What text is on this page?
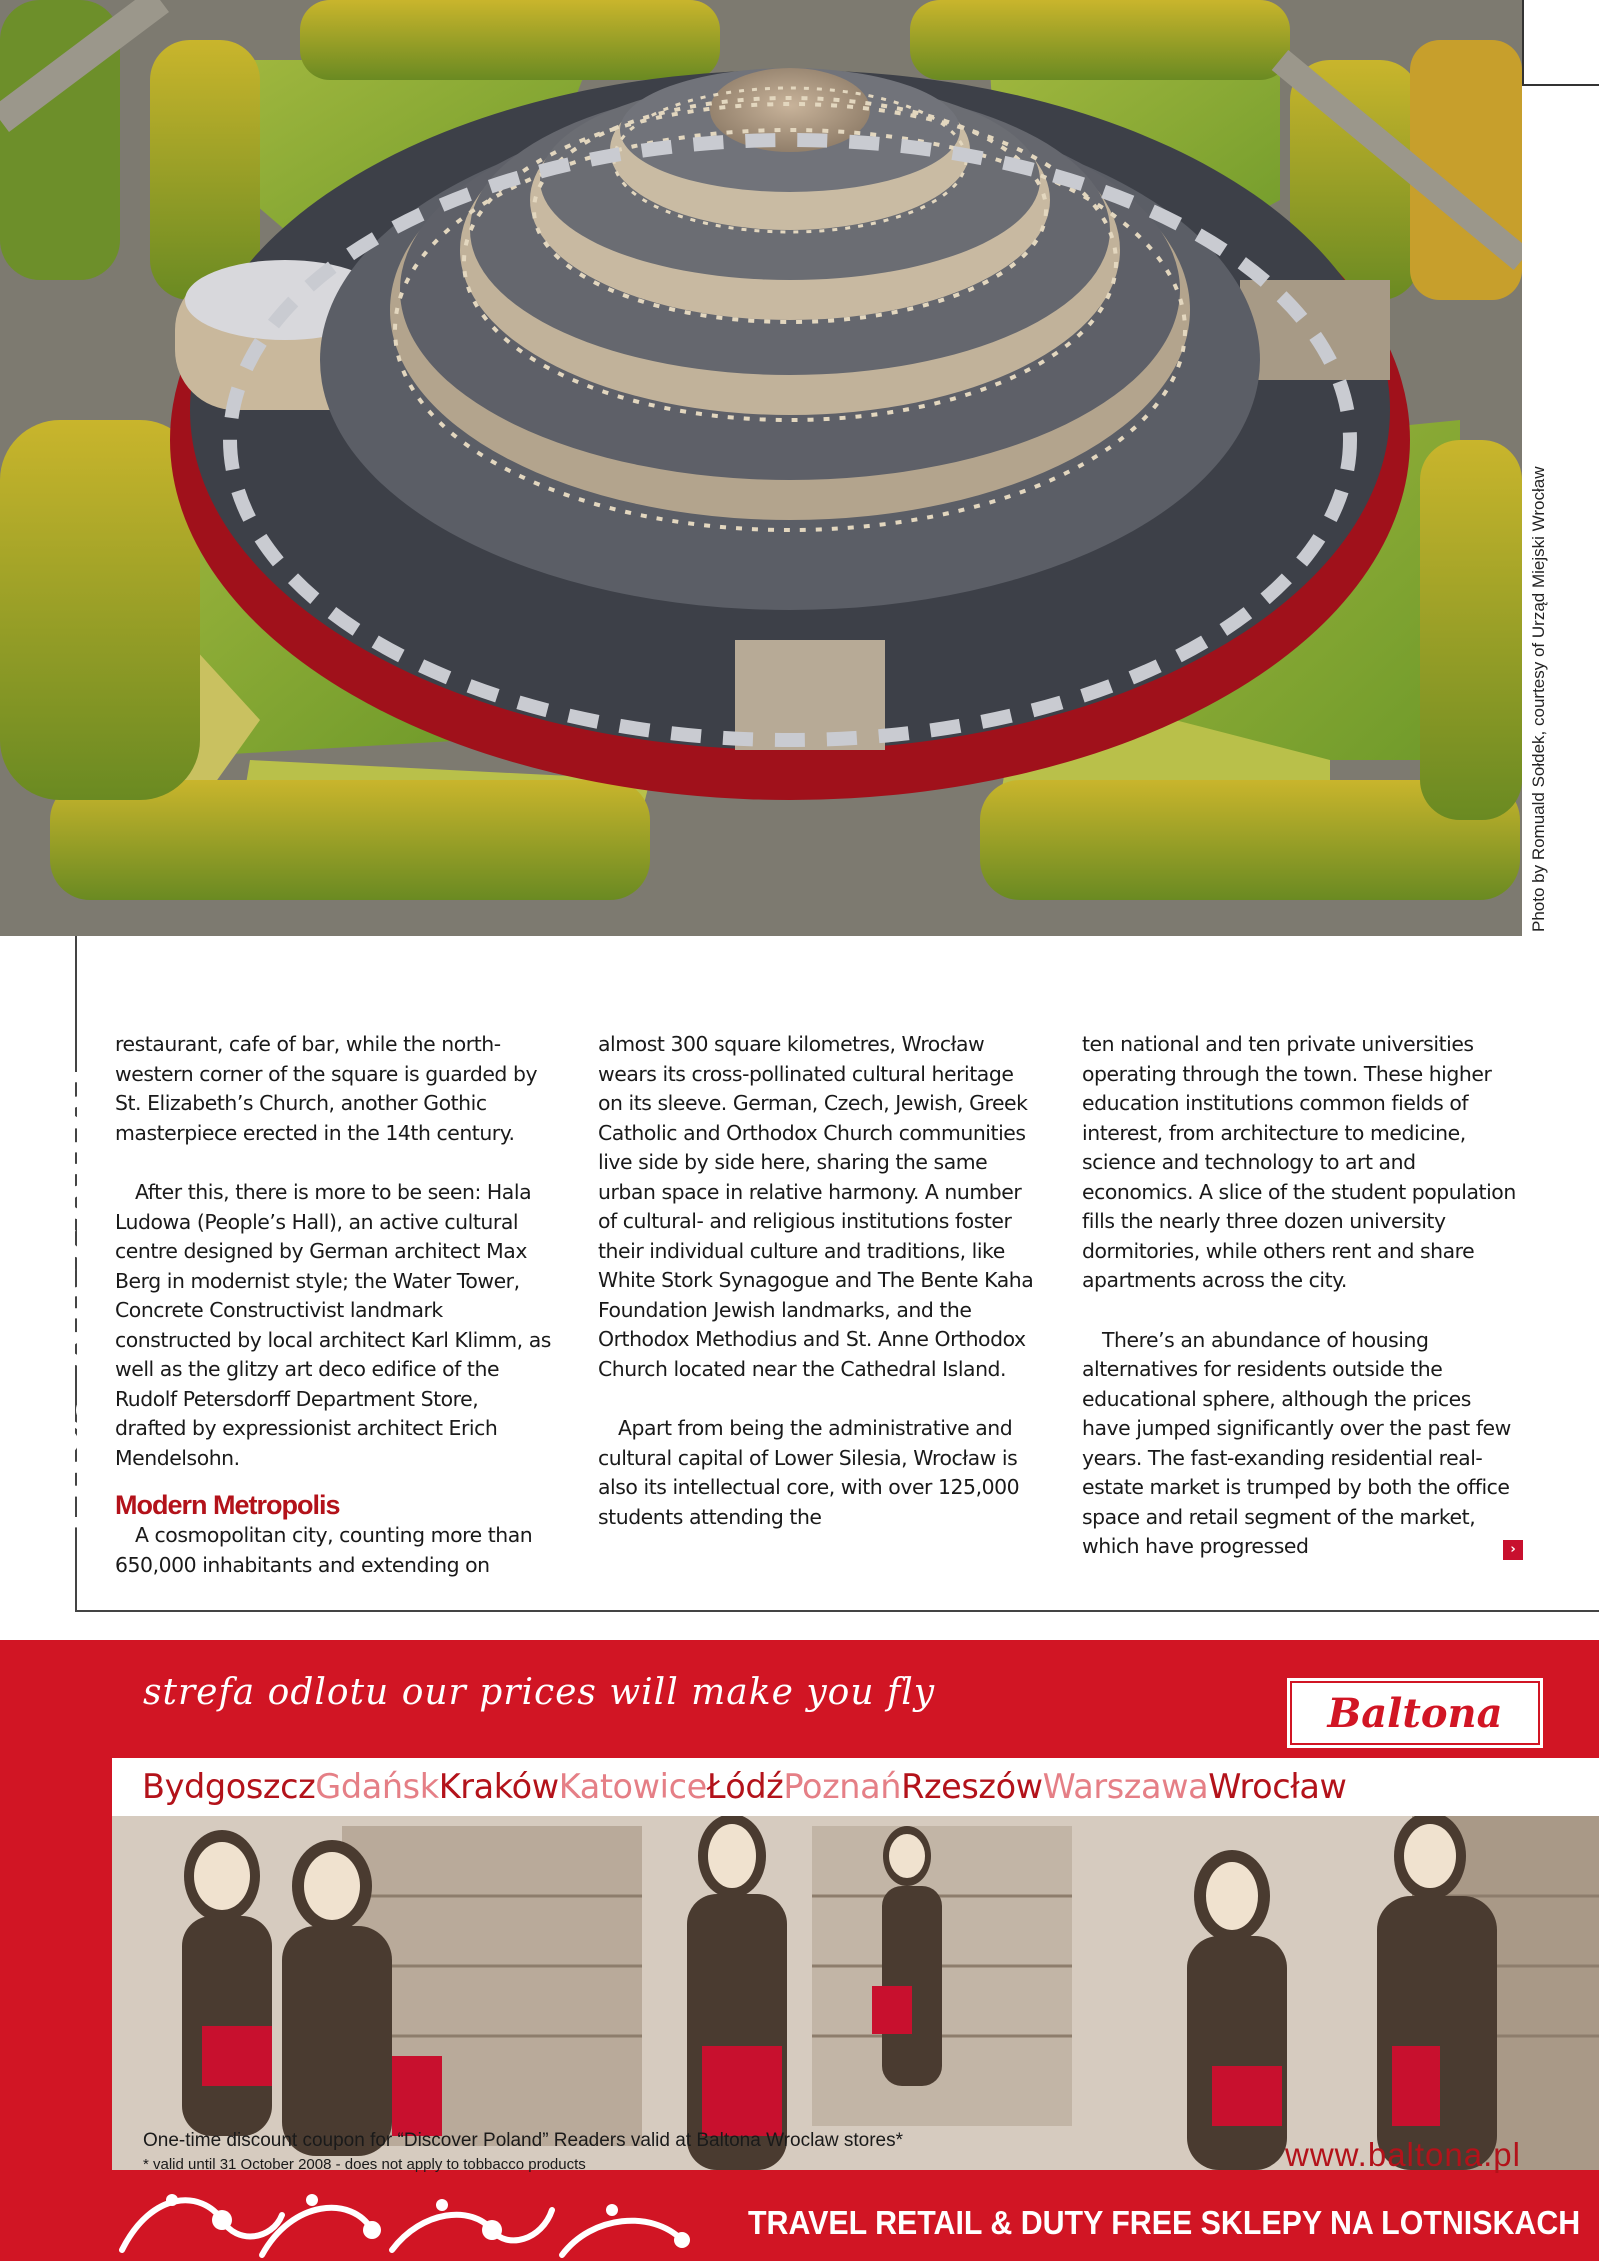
Photo by Romuald Sołdek, courtesy of Urząd Miejski Wrocław

restaurant, cafe of bar, while the north-western corner of the square is guarded by St. Elizabeth’s Church, another Gothic masterpiece erected in the 14th century.

After this, there is more to be seen: Hala Ludowa (People’s Hall), an active cultural centre designed by German architect Max Berg in modernist style; the Water Tower, Concrete Constructivist landmark constructed by local architect Karl Klimm, as well as the glitzy art deco edifice of the Rudolf Petersdorff Department Store, drafted by expressionist architect Erich Mendelsohn.

Modern Metropolis

A cosmopolitan city, counting more than 650,000 inhabitants and extending on

almost 300 square kilometres, Wrocław wears its cross-pollinated cultural heritage on its sleeve. German, Czech, Jewish, Greek Catholic and Orthodox Church communities live side by side here, sharing the same urban space in relative harmony. A number of cultural- and religious institutions foster their individual culture and traditions, like White Stork Synagogue and The Bente Kaha Foundation Jewish landmarks, and the Orthodox Methodius and St. Anne Orthodox Church located near the Cathedral Island.

Apart from being the administrative and cultural capital of Lower Silesia, Wrocław is also its intellectual core, with over 125,000 students attending the

ten national and ten private universities operating through the town. These higher education institutions common fields of interest, from architecture to medicine, science and technology to art and economics. A slice of the student population fills the nearly three dozen university dormitories, while others rent and share apartments across the city.

There’s an abundance of housing alternatives for residents outside the educational sphere, although the prices have jumped significantly over the past few years. The fast-exanding residential real-estate market is trumped by both the office space and retail segment of the market, which have progressed	›
strefa odlotu our prices will make you fly	Baltona
BydgoszczGdańskKrakówKatowiceŁódźPoznańRzeszówWarszawaWrocław
One-time discount coupon for “Discover Poland” Readers valid at Baltona Wroclaw stores*
* valid until 31 October 2008 - does not apply to tobbacco products	www.baltona.pl
TRAVEL RETAIL & DUTY FREE SKLEPY NA LOTNISKACH
10% discount
